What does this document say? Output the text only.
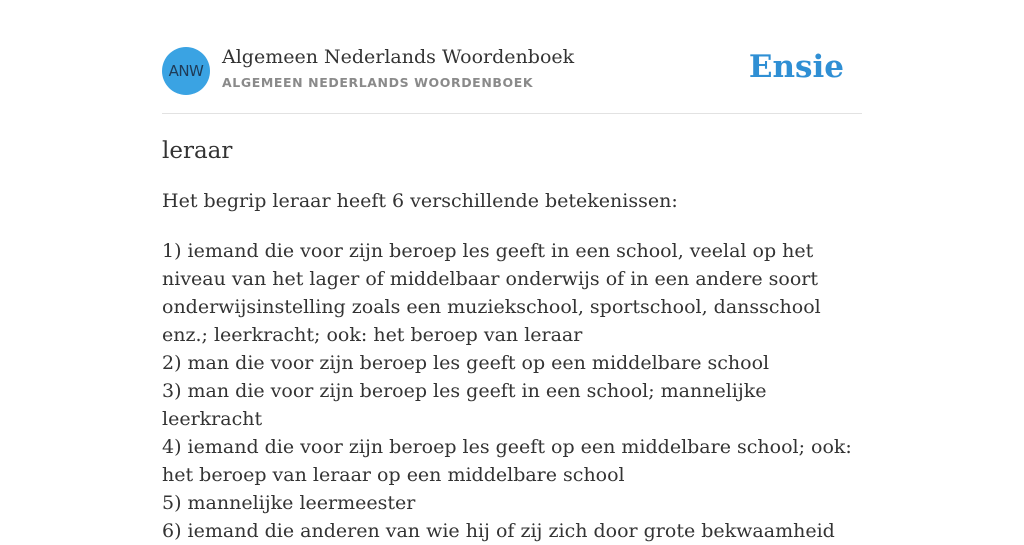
ANW
Algemeen Nederlands Woordenboek
ALGEMEEN NEDERLANDS WOORDENBOEK	Ensie
leraar
Het begrip leraar heeft 6 verschillende betekenissen:

1) iemand die voor zijn beroep les geeft in een school, veelal op het niveau van het lager of middelbaar onderwijs of in een andere soort onderwijsinstelling zoals een muziekschool, sportschool, dansschool enz.; leerkracht; ook: het beroep van leraar

2) man die voor zijn beroep les geeft op een middelbare school

3) man die voor zijn beroep les geeft in een school; mannelijke leerkracht

4) iemand die voor zijn beroep les geeft op een middelbare school; ook: het beroep van leraar op een middelbare school

5) mannelijke leermeester

6) iemand die anderen van wie hij of zij zich door grote bekwaamheid
